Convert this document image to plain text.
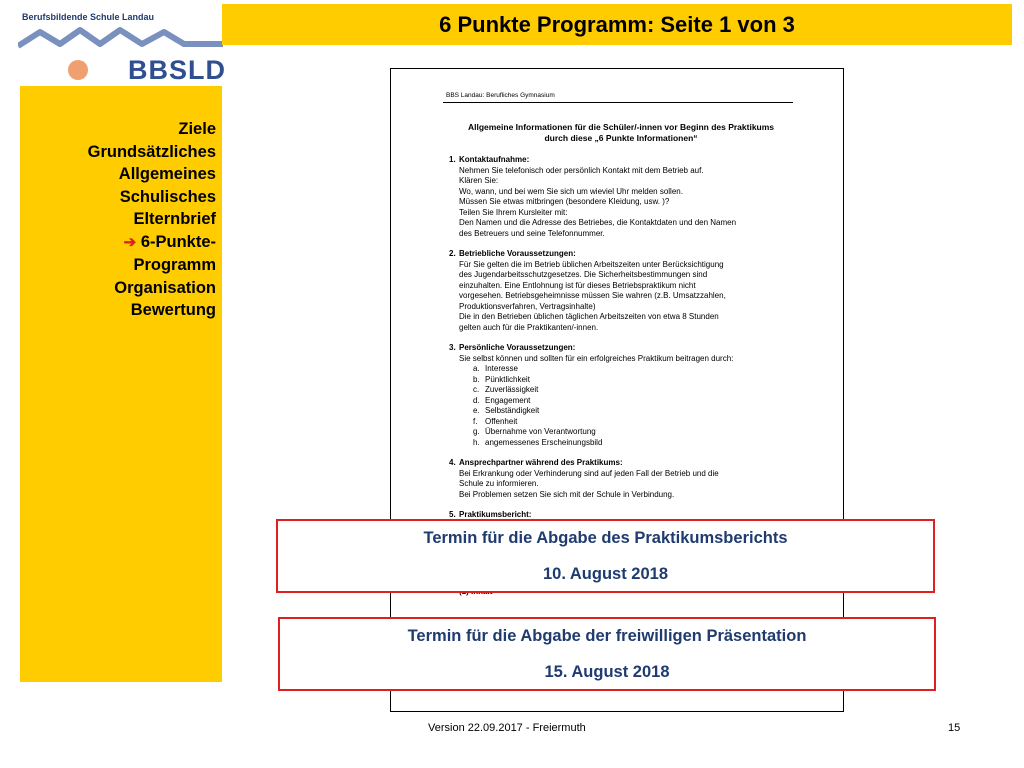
Berufsbildende Schule Landau
BBSLD
6 Punkte Programm: Seite 1 von 3
Ziele
Grundsätzliches
Allgemeines
Schulisches
Elternbrief
➔ 6-Punkte-
Programm
Organisation
Bewertung
BBS Landau: Berufliches Gymnasium
Allgemeine Informationen für die Schüler/-innen vor Beginn des Praktikums
durch diese „6 Punkte Informationen“
1. Kontaktaufnahme:
Nehmen Sie telefonisch oder persönlich Kontakt mit dem Betrieb auf.
Klären Sie:
Wo, wann, und bei wem Sie sich um wieviel Uhr melden sollen.
Müssen Sie etwas mitbringen (besondere Kleidung, usw. )?
Teilen Sie Ihrem Kursleiter mit:
Den Namen und die Adresse des Betriebes, die Kontaktdaten und den Namen
des Betreuers und seine Telefonnummer.
2. Betriebliche Voraussetzungen:
Für Sie gelten die im Betrieb üblichen Arbeitszeiten unter Berücksichtigung
des Jugendarbeitsschutzgesetzes. Die Sicherheitsbestimmungen sind
einzuhalten. Eine Entlohnung ist für dieses Betriebspraktikum nicht
vorgesehen. Betriebsgeheimnisse müssen Sie wahren (z.B. Umsatzzahlen,
Produktionsverfahren, Vertragsinhalte)
Die in den Betrieben üblichen täglichen Arbeitszeiten von etwa 8 Stunden
gelten auch für die Praktikanten/-innen.
3. Persönliche Voraussetzungen:
Sie selbst können und sollten für ein erfolgreiches Praktikum beitragen durch:
a. Interesse
b. Pünktlichkeit
c. Zuverlässigkeit
d. Engagement
e. Selbständigkeit
f. Offenheit
g. Übernahme von Verantwortung
h. angemessenes Erscheinungsbild
4. Ansprechpartner während des Praktikums:
Bei Erkrankung oder Verhinderung sind auf jeden Fall der Betrieb und die
Schule zu informieren.
Bei Problemen setzen Sie sich mit der Schule in Verbindung.
5. Praktikumsbericht:
Termin für die Abgabe des Praktikumsberichts
10. August 2018
Termin für die Abgabe der freiwilligen Präsentation
15. August 2018
Version 22.09.2017 - Freiermuth	15
